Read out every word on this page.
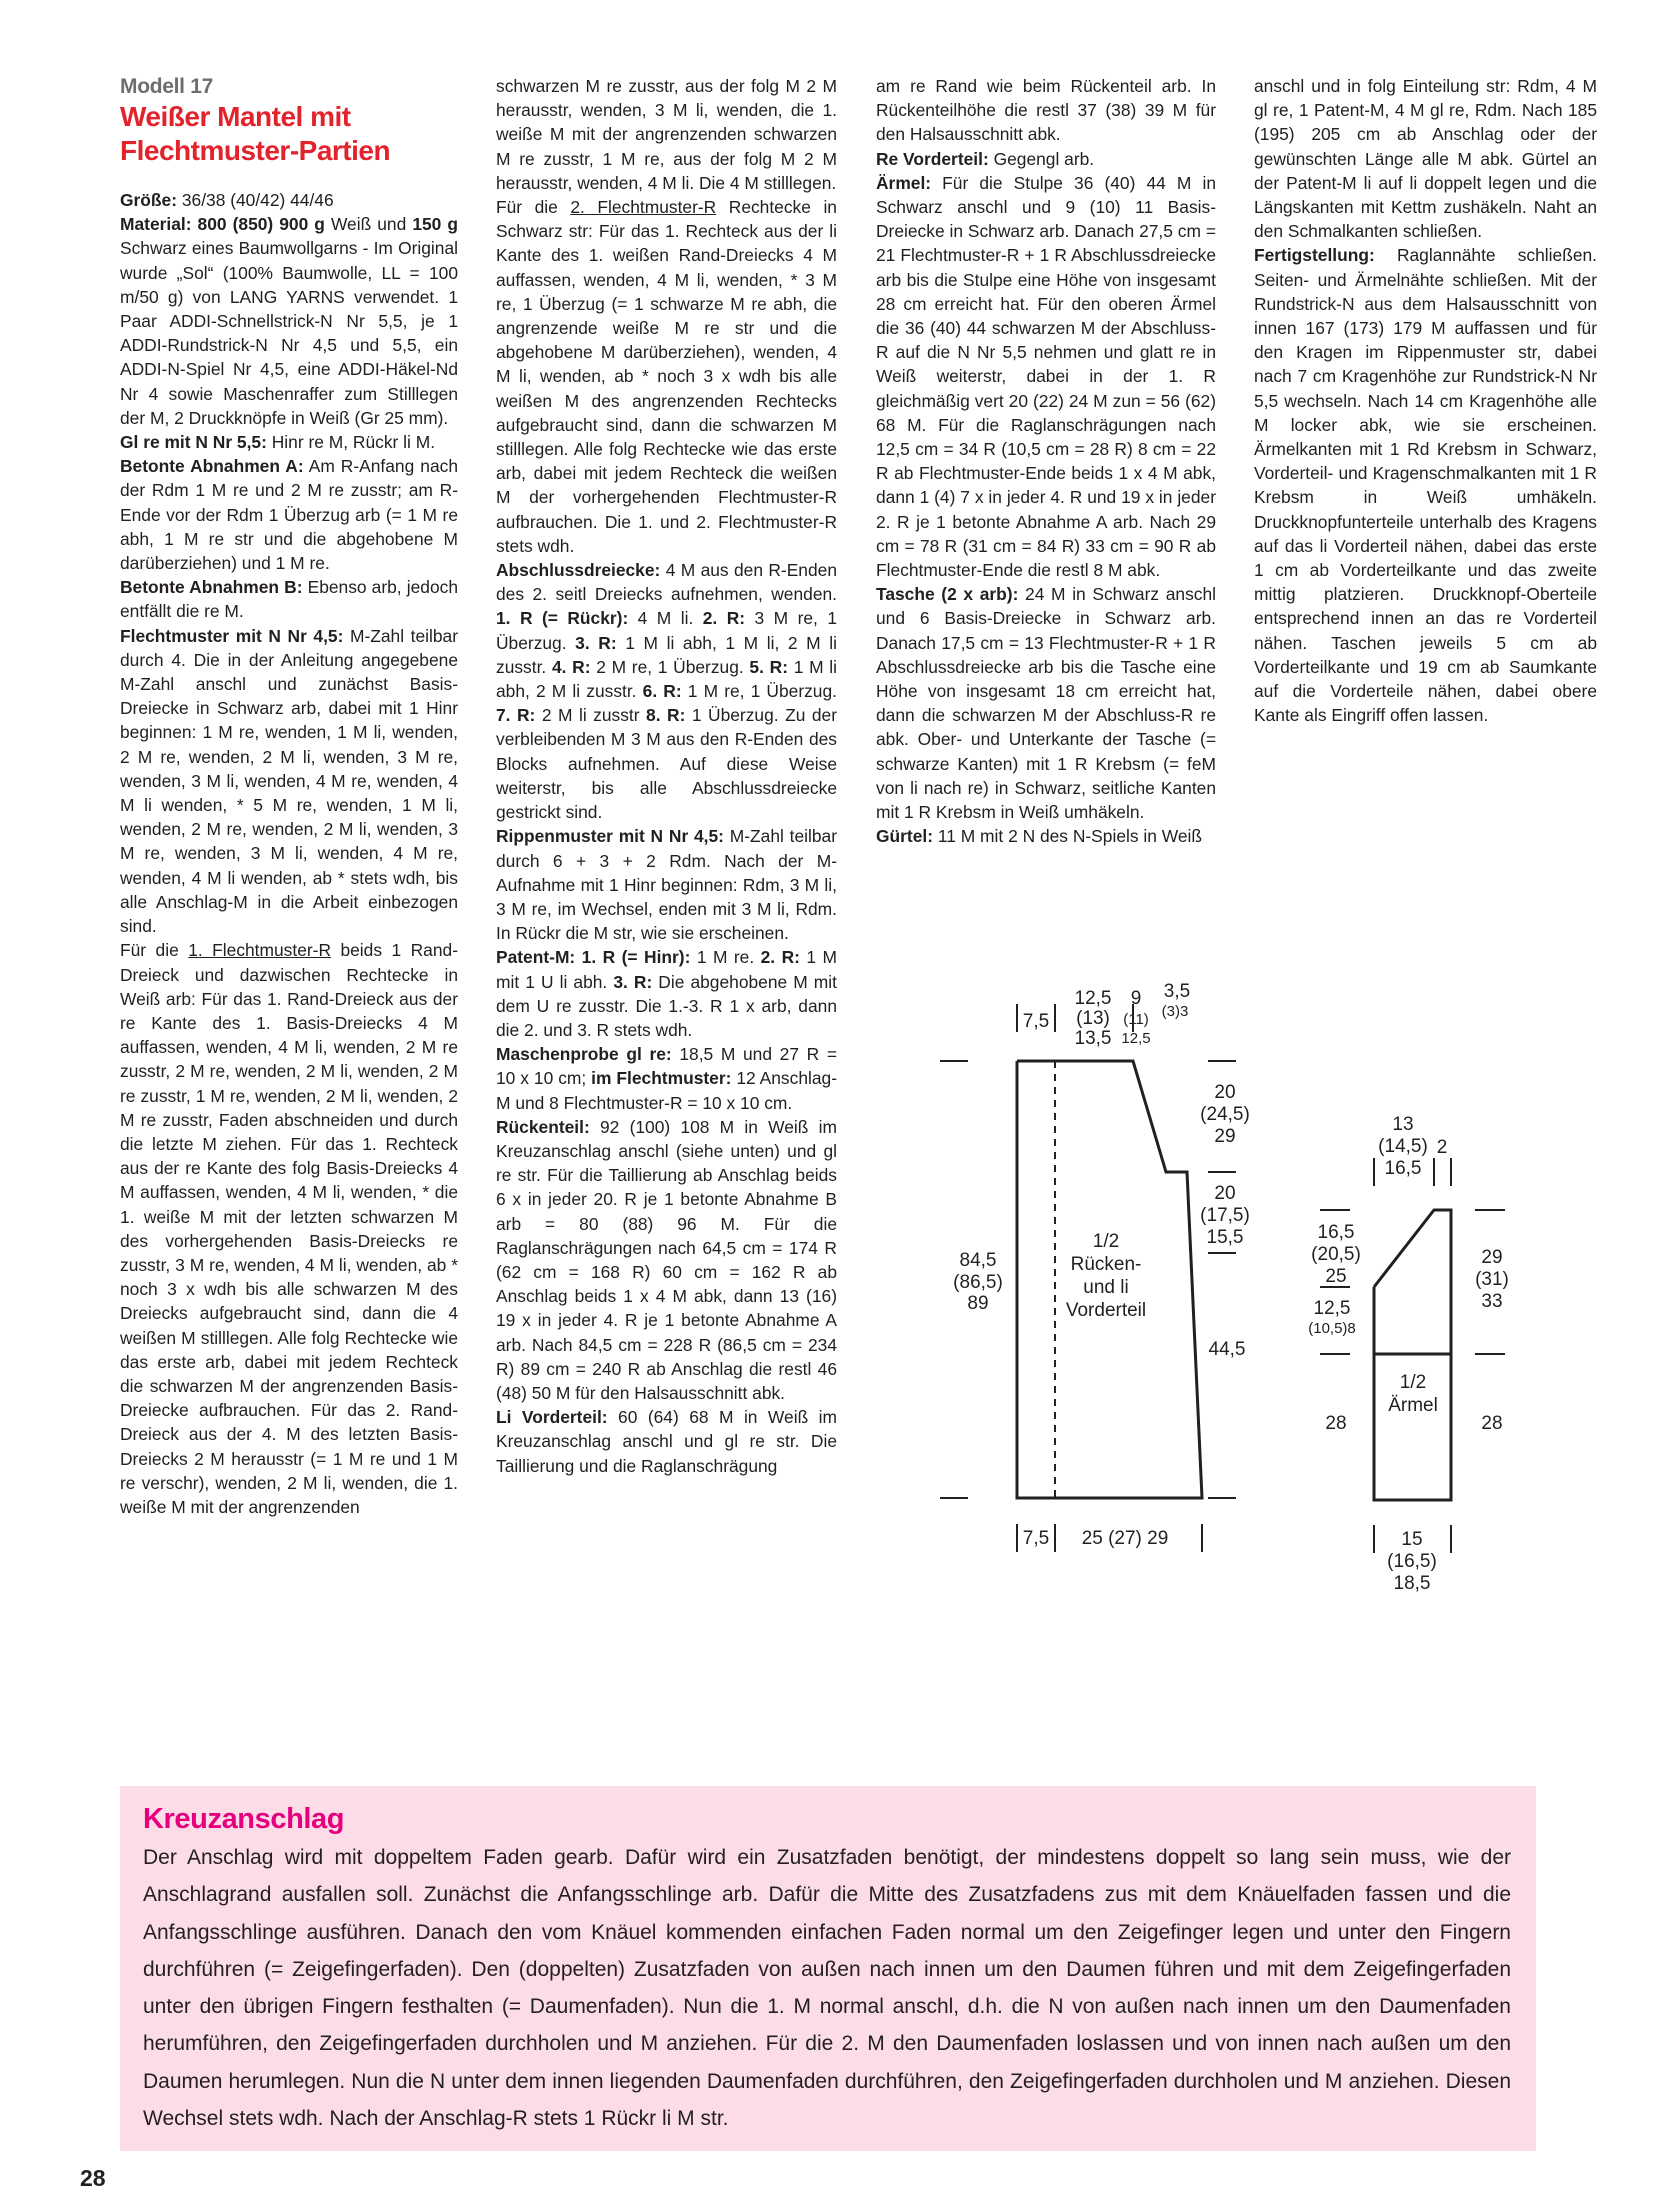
Modell 17

Weißer Mantel mit Flechtmuster-Partien

Größe: 36/38 (40/42) 44/46

Material: 800 (850) 900 g Weiß und 150 g Schwarz eines Baumwollgarns - Im Original wurde „Sol“ (100% Baumwolle, LL = 100 m/50 g) von LANG YARNS verwendet. 1 Paar ADDI-Schnellstrick-N Nr 5,5, je 1 ADDI-Rundstrick-N Nr 4,5 und 5,5, ein ADDI-N-Spiel Nr 4,5, eine ADDI-Häkel-Nd Nr 4 sowie Maschenraffer zum Stilllegen der M, 2 Druckknöpfe in Weiß (Gr 25 mm).

Gl re mit N Nr 5,5: Hinr re M, Rückr li M.

Betonte Abnahmen A: Am R-Anfang nach der Rdm 1 M re und 2 M re zusstr; am R-Ende vor der Rdm 1 Überzug arb (= 1 M re abh, 1 M re str und die abgehobene M darüberziehen) und 1 M re.

Betonte Abnahmen B: Ebenso arb, jedoch entfällt die re M.

Flechtmuster mit N Nr 4,5: M-Zahl teilbar durch 4. Die in der Anleitung angegebene M-Zahl anschl und zunächst Basis-Dreiecke in Schwarz arb, dabei mit 1 Hinr beginnen: 1 M re, wenden, 1 M li, wenden, 2 M re, wenden, 2 M li, wenden, 3 M re, wenden, 3 M li, wenden, 4 M re, wenden, 4 M li wenden, * 5 M re, wenden, 1 M li, wenden, 2 M re, wenden, 2 M li, wenden, 3 M re, wenden, 3 M li, wenden, 4 M re, wenden, 4 M li wenden, ab * stets wdh, bis alle Anschlag-M in die Arbeit einbezogen sind.

Für die 1. Flechtmuster-R beids 1 Rand-Dreieck und dazwischen Rechtecke in Weiß arb: Für das 1. Rand-Dreieck aus der re Kante des 1. Basis-Dreiecks 4 M auffassen, wenden, 4 M li, wenden, 2 M re zusstr, 2 M re, wenden, 2 M li, wenden, 2 M re zusstr, 1 M re, wenden, 2 M li, wenden, 2 M re zusstr, Faden abschneiden und durch die letzte M ziehen. Für das 1. Rechteck aus der re Kante des folg Basis-Dreiecks 4 M auffassen, wenden, 4 M li, wenden, * die 1. weiße M mit der letzten schwarzen M des vorhergehenden Basis-Dreiecks re zusstr, 3 M re, wenden, 4 M li, wenden, ab * noch 3 x wdh bis alle schwarzen M des Dreiecks aufgebraucht sind, dann die 4 weißen M stilllegen. Alle folg Rechtecke wie das erste arb, dabei mit jedem Rechteck die schwarzen M der angrenzenden Basis-Dreiecke aufbrauchen. Für das 2. Rand-Dreieck aus der 4. M des letzten Basis-Dreiecks 2 M herausstr (= 1 M re und 1 M re verschr), wenden, 2 M li, wenden, die 1. weiße M mit der angrenzenden

schwarzen M re zusstr, aus der folg M 2 M herausstr, wenden, 3 M li, wenden, die 1. weiße M mit der angrenzenden schwarzen M re zusstr, 1 M re, aus der folg M 2 M herausstr, wenden, 4 M li. Die 4 M stilllegen.

Für die 2. Flechtmuster-R Rechtecke in Schwarz str: Für das 1. Rechteck aus der li Kante des 1. weißen Rand-Dreiecks 4 M auffassen, wenden, 4 M li, wenden, * 3 M re, 1 Überzug (= 1 schwarze M re abh, die angrenzende weiße M re str und die abgehobene M darüberziehen), wenden, 4 M li, wenden, ab * noch 3 x wdh bis alle weißen M des angrenzenden Rechtecks aufgebraucht sind, dann die schwarzen M stilllegen. Alle folg Rechtecke wie das erste arb, dabei mit jedem Rechteck die weißen M der vorhergehenden Flechtmuster-R aufbrauchen. Die 1. und 2. Flechtmuster-R stets wdh.

Abschlussdreiecke: 4 M aus den R-Enden des 2. seitl Dreiecks aufnehmen, wenden. 1. R (= Rückr): 4 M li. 2. R: 3 M re, 1 Überzug. 3. R: 1 M li abh, 1 M li, 2 M li zusstr. 4. R: 2 M re, 1 Überzug. 5. R: 1 M li abh, 2 M li zusstr. 6. R: 1 M re, 1 Überzug. 7. R: 2 M li zusstr 8. R: 1 Überzug. Zu der verbleibenden M 3 M aus den R-Enden des Blocks aufnehmen. Auf diese Weise weiterstr, bis alle Abschlussdreiecke gestrickt sind.

Rippenmuster mit N Nr 4,5: M-Zahl teilbar durch 6 + 3 + 2 Rdm. Nach der M-Aufnahme mit 1 Hinr beginnen: Rdm, 3 M li, 3 M re, im Wechsel, enden mit 3 M li, Rdm. In Rückr die M str, wie sie erscheinen.

Patent-M: 1. R (= Hinr): 1 M re. 2. R: 1 M mit 1 U li abh. 3. R: Die abgehobene M mit dem U re zusstr. Die 1.-3. R 1 x arb, dann die 2. und 3. R stets wdh.

Maschenprobe gl re: 18,5 M und 27 R = 10 x 10 cm; im Flechtmuster: 12 Anschlag-M und 8 Flechtmuster-R = 10 x 10 cm.

Rückenteil: 92 (100) 108 M in Weiß im Kreuzanschlag anschl (siehe unten) und gl re str. Für die Taillierung ab Anschlag beids 6 x in jeder 20. R je 1 betonte Abnahme B arb = 80 (88) 96 M. Für die Raglanschrägungen nach 64,5 cm = 174 R (62 cm = 168 R) 60 cm = 162 R ab Anschlag beids 1 x 4 M abk, dann 13 (16) 19 x in jeder 4. R je 1 betonte Abnahme A arb. Nach 84,5 cm = 228 R (86,5 cm = 234 R) 89 cm = 240 R ab Anschlag die restl 46 (48) 50 M für den Halsausschnitt abk.

Li Vorderteil: 60 (64) 68 M in Weiß im Kreuzanschlag anschl und gl re str. Die Taillierung und die Raglanschrägung

am re Rand wie beim Rückenteil arb. In Rückenteilhöhe die restl 37 (38) 39 M für den Halsausschnitt abk.

Re Vorderteil: Gegengl arb.

Ärmel: Für die Stulpe 36 (40) 44 M in Schwarz anschl und 9 (10) 11 Basis-Dreiecke in Schwarz arb. Danach 27,5 cm = 21 Flechtmuster-R + 1 R Abschlussdreiecke arb bis die Stulpe eine Höhe von insgesamt 28 cm erreicht hat. Für den oberen Ärmel die 36 (40) 44 schwarzen M der Abschluss-R auf die N Nr 5,5 nehmen und glatt re in Weiß weiterstr, dabei in der 1. R gleichmäßig vert 20 (22) 24 M zun = 56 (62) 68 M. Für die Raglanschrägungen nach 12,5 cm = 34 R (10,5 cm = 28 R) 8 cm = 22 R ab Flechtmuster-Ende beids 1 x 4 M abk, dann 1 (4) 7 x in jeder 4. R und 19 x in jeder 2. R je 1 betonte Abnahme A arb. Nach 29 cm = 78 R (31 cm = 84 R) 33 cm = 90 R ab Flechtmuster-Ende die restl 8 M abk.

Tasche (2 x arb): 24 M in Schwarz anschl und 6 Basis-Dreiecke in Schwarz arb. Danach 17,5 cm = 13 Flechtmuster-R + 1 R Abschlussdreiecke arb bis die Tasche eine Höhe von insgesamt 18 cm erreicht hat, dann die schwarzen M der Abschluss-R re abk. Ober- und Unterkante der Tasche (= schwarze Kanten) mit 1 R Krebsm (= feM von li nach re) in Schwarz, seitliche Kanten mit 1 R Krebsm in Weiß umhäkeln.

Gürtel: 11 M mit 2 N des N-Spiels in Weiß

anschl und in folg Einteilung str: Rdm, 4 M gl re, 1 Patent-M, 4 M gl re, Rdm. Nach 185 (195) 205 cm ab Anschlag oder der gewünschten Länge alle M abk. Gürtel an der Patent-M li auf li doppelt legen und die Längskanten mit Kettm zushäkeln. Naht an den Schmalkanten schließen.

Fertigstellung: Raglannähte schließen. Seiten- und Ärmelnähte schließen. Mit der Rundstrick-N aus dem Halsausschnitt von innen 167 (173) 179 M auffassen und für den Kragen im Rippenmuster str, dabei nach 7 cm Kragenhöhe zur Rundstrick-N Nr 5,5 wechseln. Nach 14 cm Kragenhöhe alle M locker abk, wie sie erscheinen. Ärmelkanten mit 1 Rd Krebsm in Schwarz, Vorderteil- und Kragenschmalkanten mit 1 R Krebsm in Weiß umhäkeln. Druckknopfunterteile unterhalb des Kragens auf das li Vorderteil nähen, dabei das erste 1 cm ab Vorderteilkante und das zweite mittig platzieren. Druckknopf-Oberteile entsprechend innen an das re Vorderteil nähen. Taschen jeweils 5 cm ab Vorderteilkante und 19 cm ab Saumkante auf die Vorderteile nähen, dabei obere Kante als Eingriff offen lassen.

7,5
12,5
(13)
13,5
9
(11)
12,5
3,5
(3)3
20
(24,5)
29
20
(17,5)
15,5
44,5
84,5
(86,5)
89
1/2
Rücken-
und li
Vorderteil
7,5 25 (27) 29
13
(14,5)
16,5
2
16,5
(20,5)
25
12,5
(10,5)8
29
(31)
33
28	28
1/2
Ärmel
15
(16,5)
18,5
Kreuzanschlag
Der Anschlag wird mit doppeltem Faden gearb. Dafür wird ein Zusatzfaden benötigt, der mindestens doppelt so lang sein muss, wie der Anschlagrand ausfallen soll. Zunächst die Anfangsschlinge arb. Dafür die Mitte des Zusatzfadens zus mit dem Knäuelfaden fassen und die Anfangsschlinge ausführen. Danach den vom Knäuel kommenden einfachen Faden normal um den Zeigefinger legen und unter den Fingern durchführen (= Zeigefingerfaden). Den (doppelten) Zusatzfaden von außen nach innen um den Daumen führen und mit dem Zeigefingerfaden unter den übrigen Fingern festhalten (= Daumenfaden). Nun die 1. M normal anschl, d.h. die N von außen nach innen um den Daumenfaden herumführen, den Zeigefingerfaden durchholen und M anziehen. Für die 2. M den Daumenfaden loslassen und von innen nach außen um den Daumen herumlegen. Nun die N unter dem innen liegenden Daumenfaden durchführen, den Zeigefingerfaden durchholen und M anziehen. Diesen Wechsel stets wdh. Nach der Anschlag-R stets 1 Rückr li M str.
28
